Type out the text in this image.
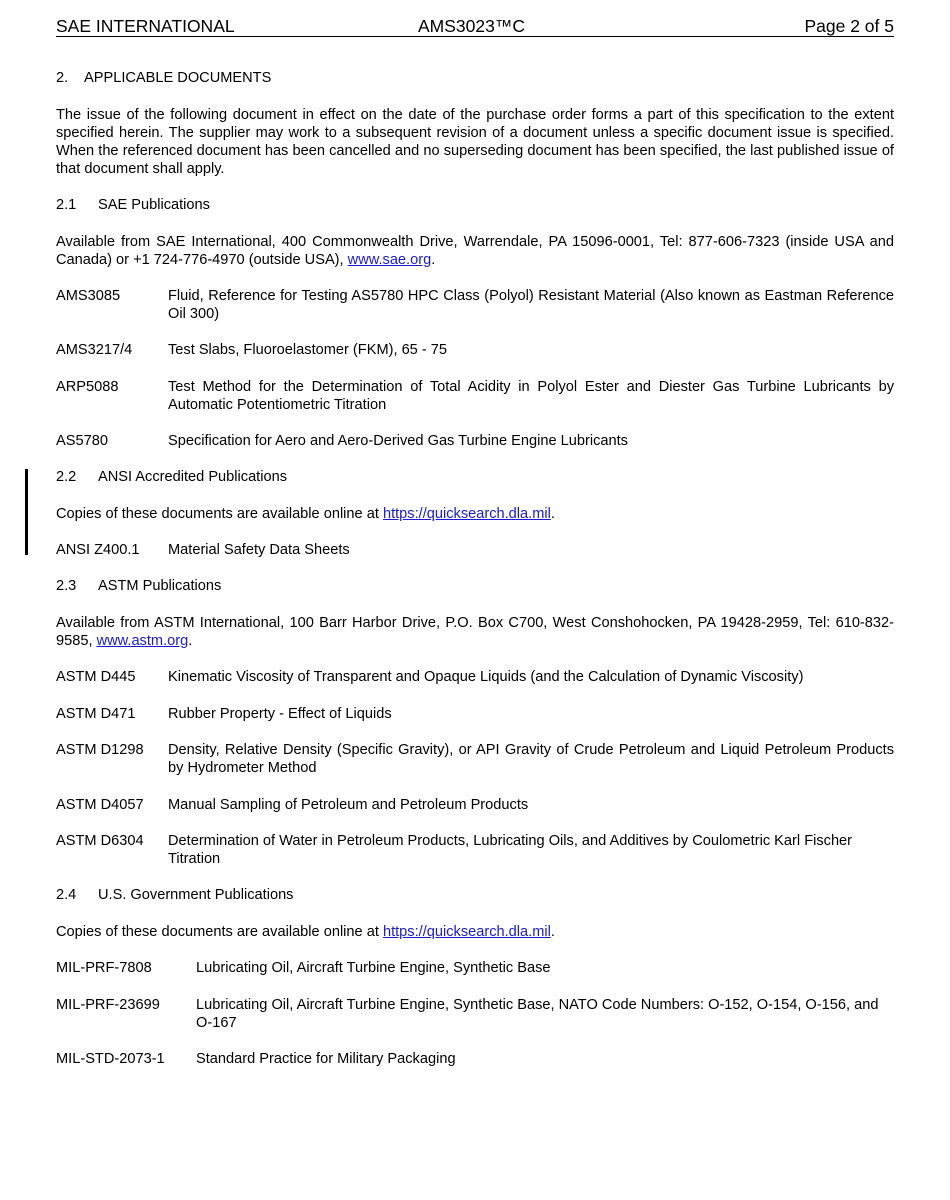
SAE INTERNATIONAL	AMS3023™C	Page 2 of 5
2. APPLICABLE DOCUMENTS
The issue of the following document in effect on the date of the purchase order forms a part of this specification to the extent specified herein. The supplier may work to a subsequent revision of a document unless a specific document issue is specified. When the referenced document has been cancelled and no superseding document has been specified, the last published issue of that document shall apply.
2.1 SAE Publications
Available from SAE International, 400 Commonwealth Drive, Warrendale, PA 15096-0001, Tel: 877-606-7323 (inside USA and Canada) or +1 724-776-4970 (outside USA), www.sae.org.
AMS3085	Fluid, Reference for Testing AS5780 HPC Class (Polyol) Resistant Material (Also known as Eastman Reference Oil 300)
AMS3217/4 Test Slabs, Fluoroelastomer (FKM), 65 - 75
ARP5088	Test Method for the Determination of Total Acidity in Polyol Ester and Diester Gas Turbine Lubricants by Automatic Potentiometric Titration
AS5780	Specification for Aero and Aero-Derived Gas Turbine Engine Lubricants
2.2 ANSI Accredited Publications
Copies of these documents are available online at https://quicksearch.dla.mil.
ANSI Z400.1 Material Safety Data Sheets
2.3 ASTM Publications
Available from ASTM International, 100 Barr Harbor Drive, P.O. Box C700, West Conshohocken, PA 19428-2959, Tel: 610-832-9585, www.astm.org.
ASTM D445 Kinematic Viscosity of Transparent and Opaque Liquids (and the Calculation of Dynamic Viscosity)
ASTM D471 Rubber Property - Effect of Liquids
ASTM D1298 Density, Relative Density (Specific Gravity), or API Gravity of Crude Petroleum and Liquid Petroleum Products by Hydrometer Method
ASTM D4057 Manual Sampling of Petroleum and Petroleum Products
ASTM D6304 Determination of Water in Petroleum Products, Lubricating Oils, and Additives by Coulometric Karl Fischer Titration
2.4 U.S. Government Publications
Copies of these documents are available online at https://quicksearch.dla.mil.
MIL-PRF-7808	Lubricating Oil, Aircraft Turbine Engine, Synthetic Base
MIL-PRF-23699 Lubricating Oil, Aircraft Turbine Engine, Synthetic Base, NATO Code Numbers: O-152, O-154, O-156, and O-167
MIL-STD-2073-1 Standard Practice for Military Packaging
